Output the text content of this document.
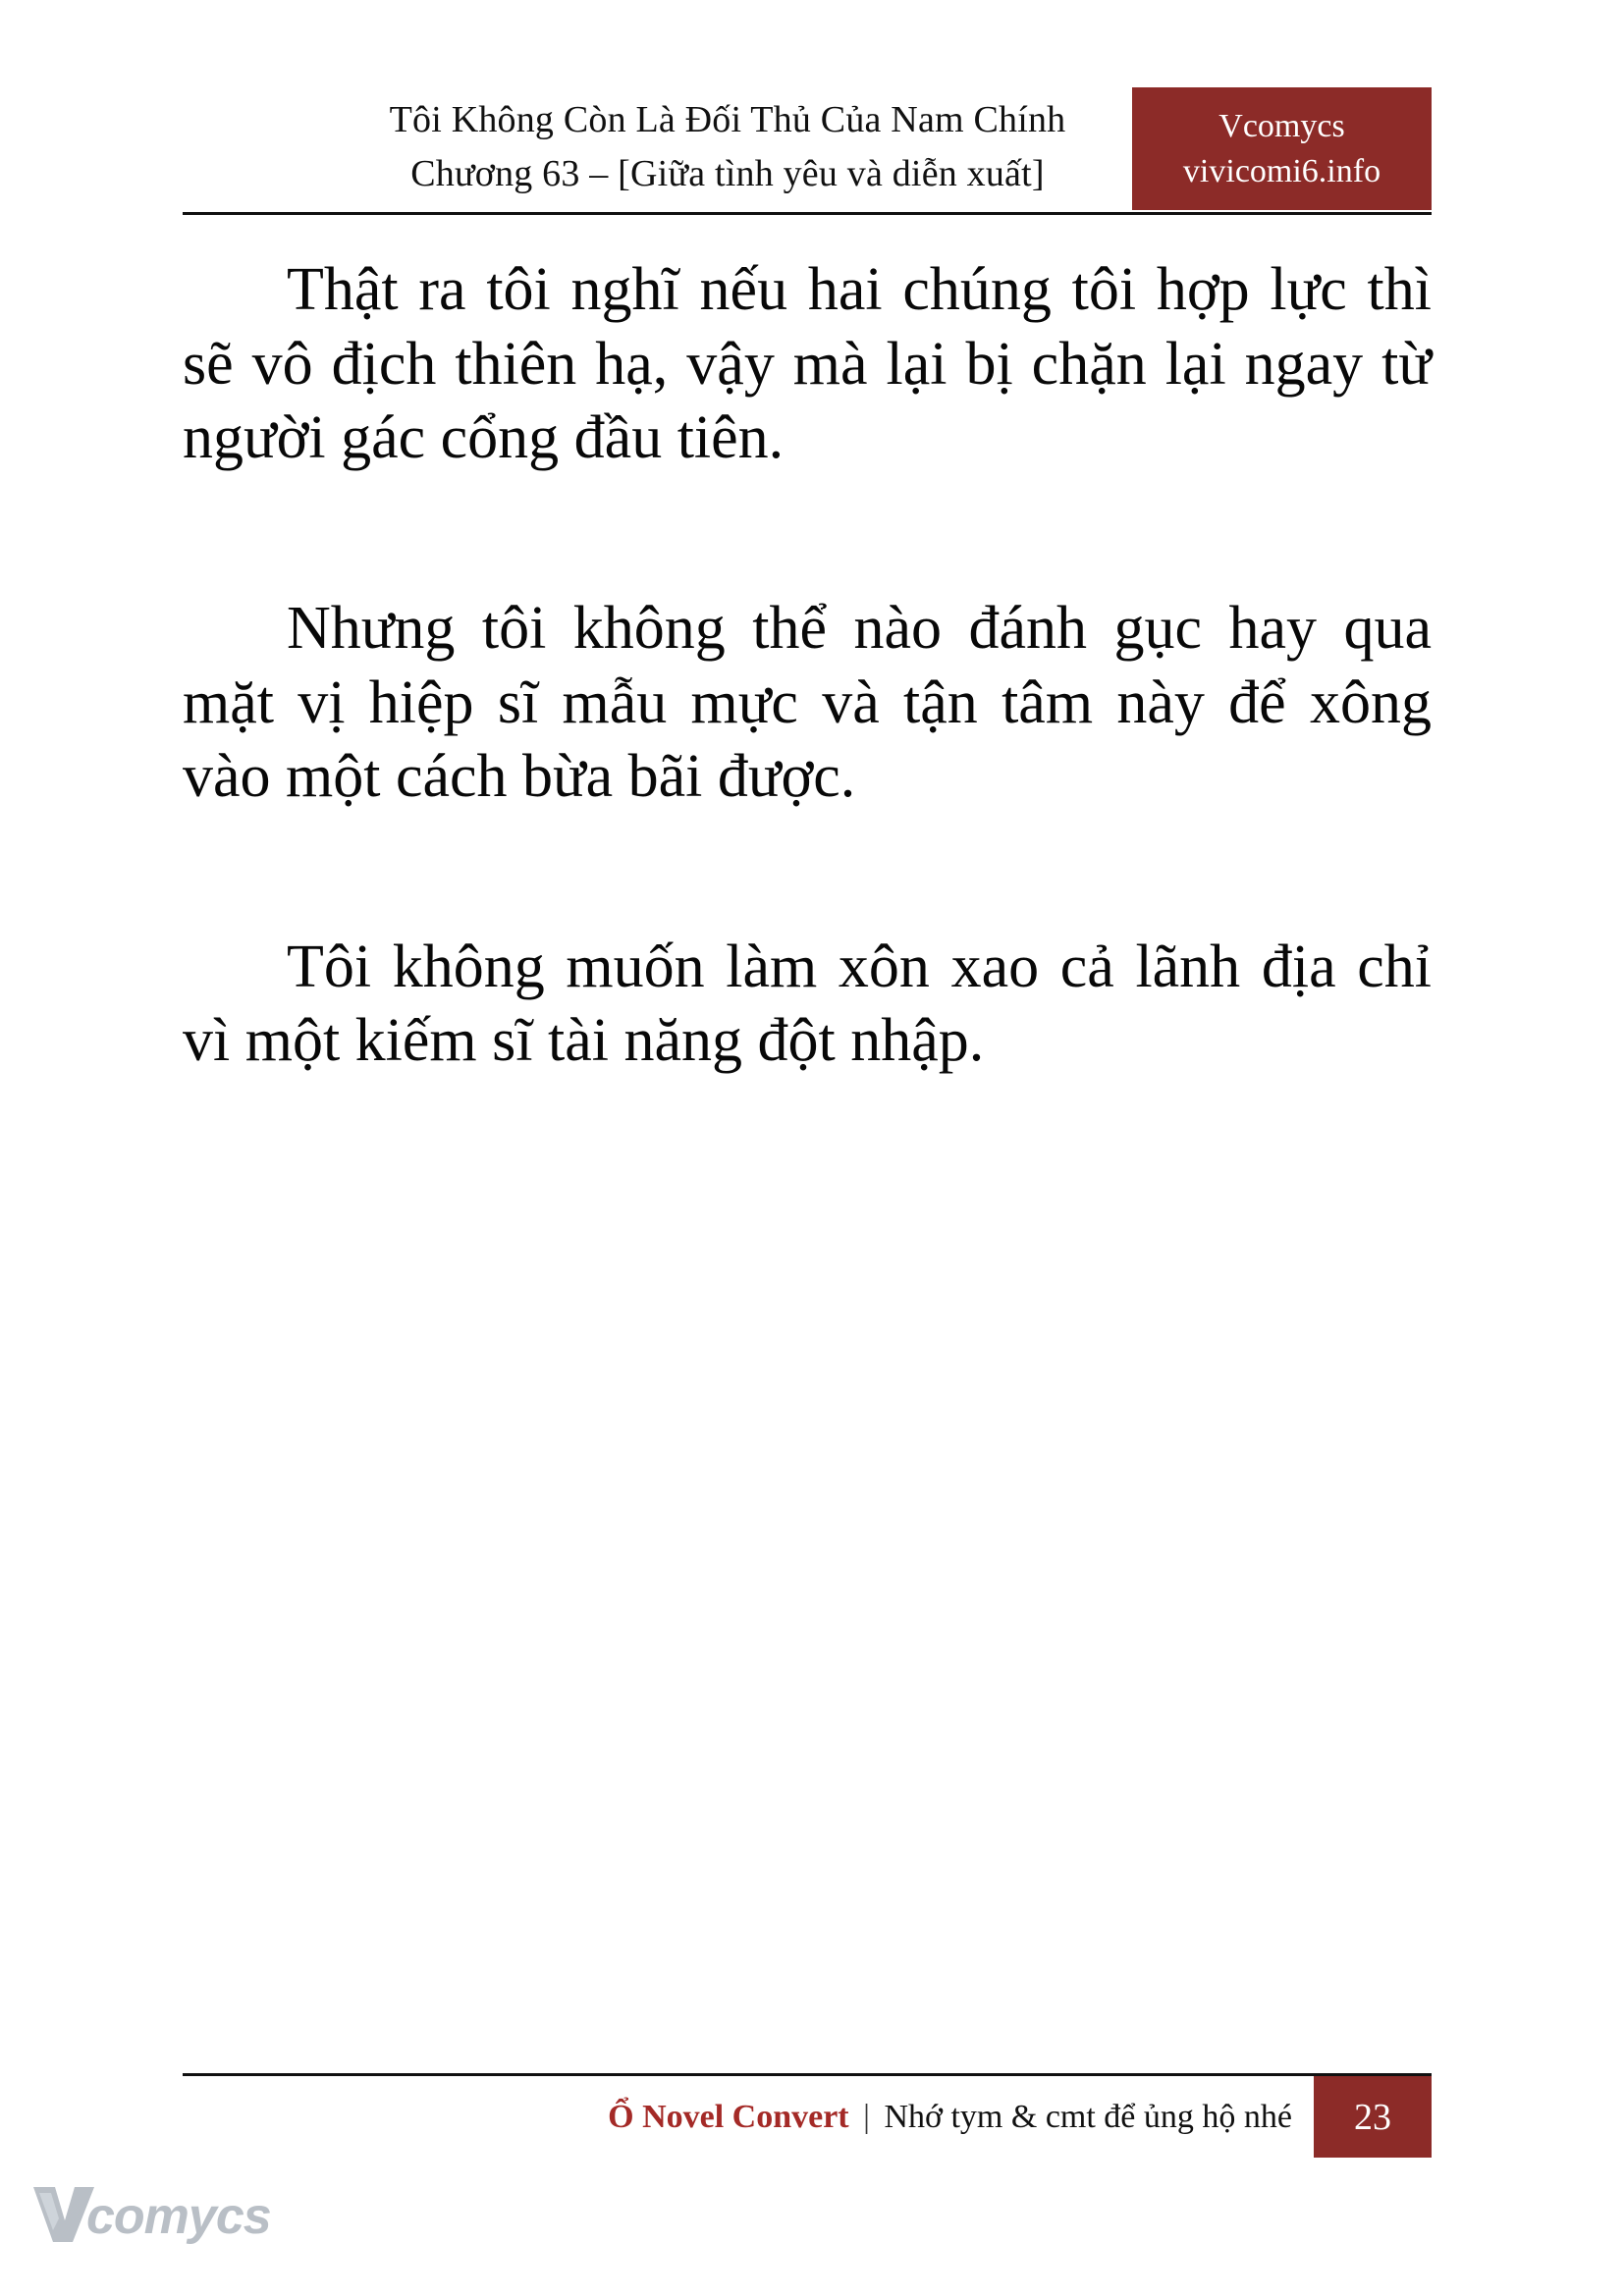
Tôi Không Còn Là Đối Thủ Của Nam Chính
Chương 63 – [Giữa tình yêu và diễn xuất]
Vcomycs
vivicomi6.info

Thật ra tôi nghĩ nếu hai chúng tôi hợp lực thì sẽ vô địch thiên hạ, vậy mà lại bị chặn lại ngay từ người gác cổng đầu tiên.

Nhưng tôi không thể nào đánh gục hay qua mặt vị hiệp sĩ mẫu mực và tận tâm này để xông vào một cách bừa bãi được.

Tôi không muốn làm xôn xao cả lãnh địa chỉ vì một kiếm sĩ tài năng đột nhập.

Ổ Novel Convert | Nhớ tym & cmt để ủng hộ nhé	23
comycs
